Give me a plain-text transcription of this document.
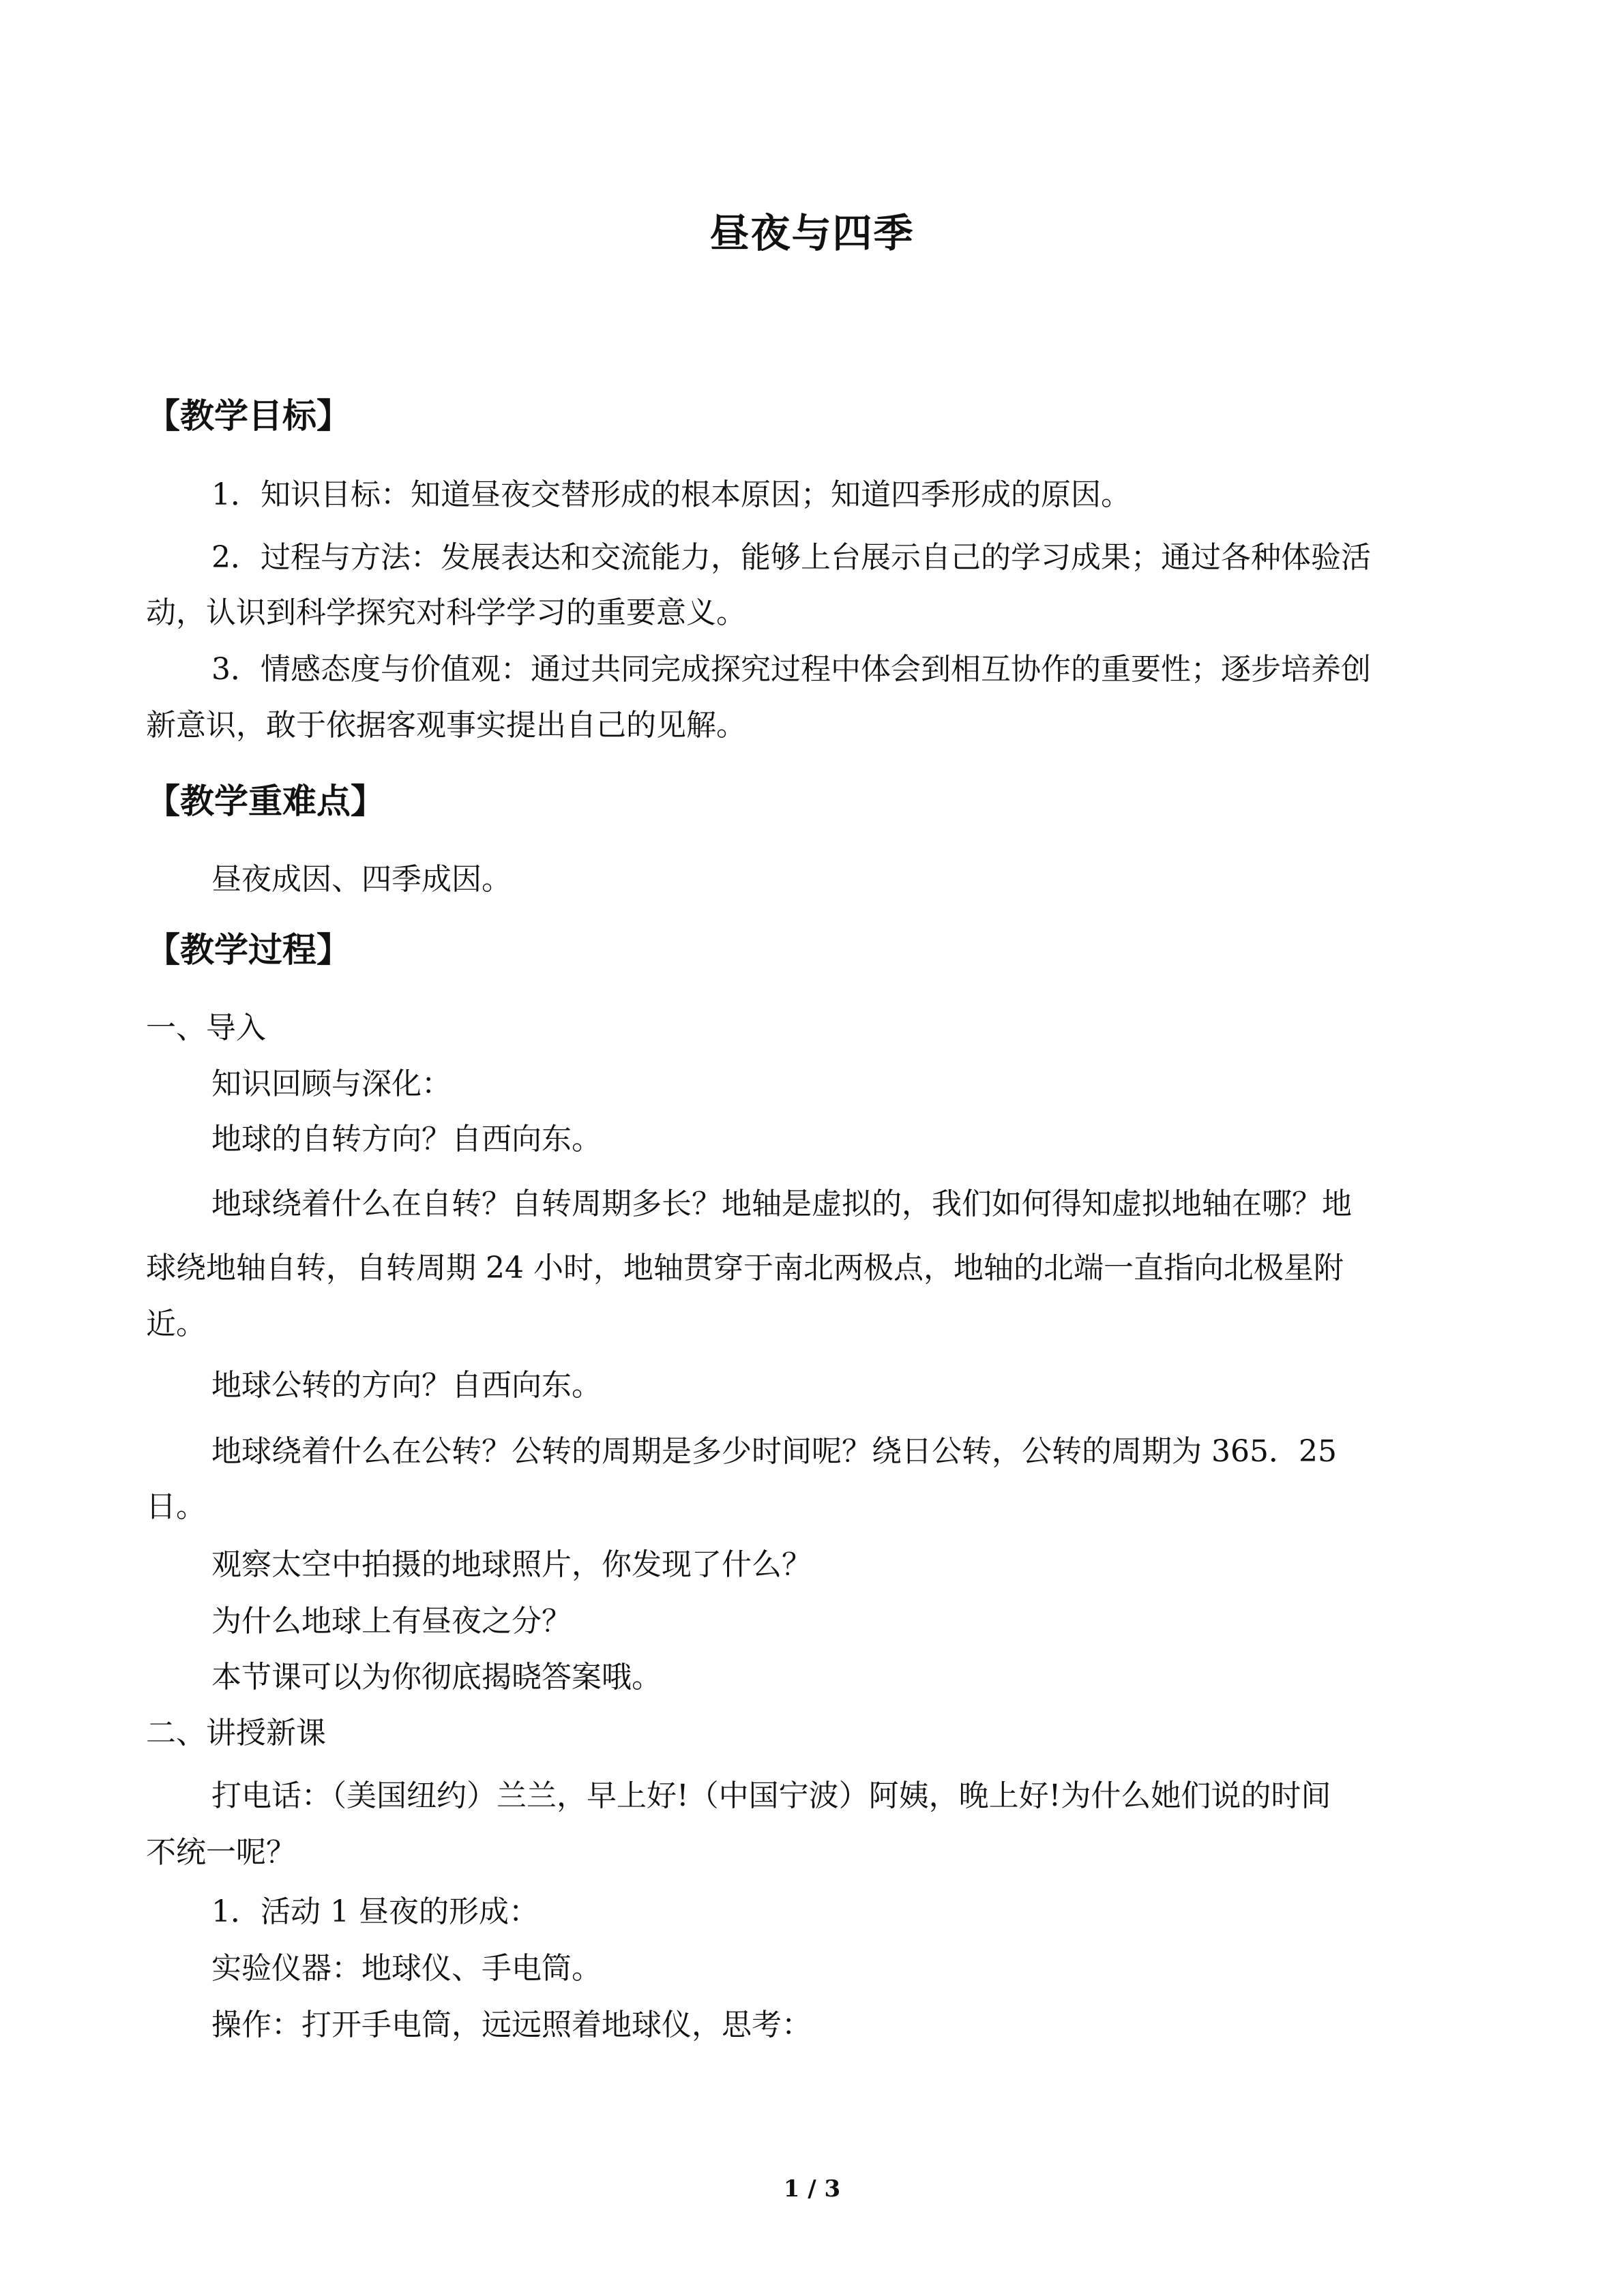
昼夜与四季
【教学目标】
1．知识目标：知道昼夜交替形成的根本原因；知道四季形成的原因。
2．过程与方法：发展表达和交流能力，能够上台展示自己的学习成果；通过各种体验活
动，认识到科学探究对科学学习的重要意义。
3．情感态度与价值观：通过共同完成探究过程中体会到相互协作的重要性；逐步培养创
新意识，敢于依据客观事实提出自己的见解。
【教学重难点】
昼夜成因、四季成因。
【教学过程】
一、导入
知识回顾与深化：
地球的自转方向？自西向东。
地球绕着什么在自转？自转周期多长？地轴是虚拟的，我们如何得知虚拟地轴在哪？地
球绕地轴自转，自转周期 24 小时，地轴贯穿于南北两极点，地轴的北端一直指向北极星附
近。
地球公转的方向？自西向东。
地球绕着什么在公转？公转的周期是多少时间呢？绕日公转，公转的周期为 365．25
日。
观察太空中拍摄的地球照片，你发现了什么？
为什么地球上有昼夜之分？
本节课可以为你彻底揭晓答案哦。
二、讲授新课
打电话：（美国纽约）兰兰，早上好!（中国宁波）阿姨，晚上好!为什么她们说的时间
不统一呢？
1．活动 1 昼夜的形成：
实验仪器：地球仪、手电筒。
操作：打开手电筒，远远照着地球仪，思考：
1 / 3
